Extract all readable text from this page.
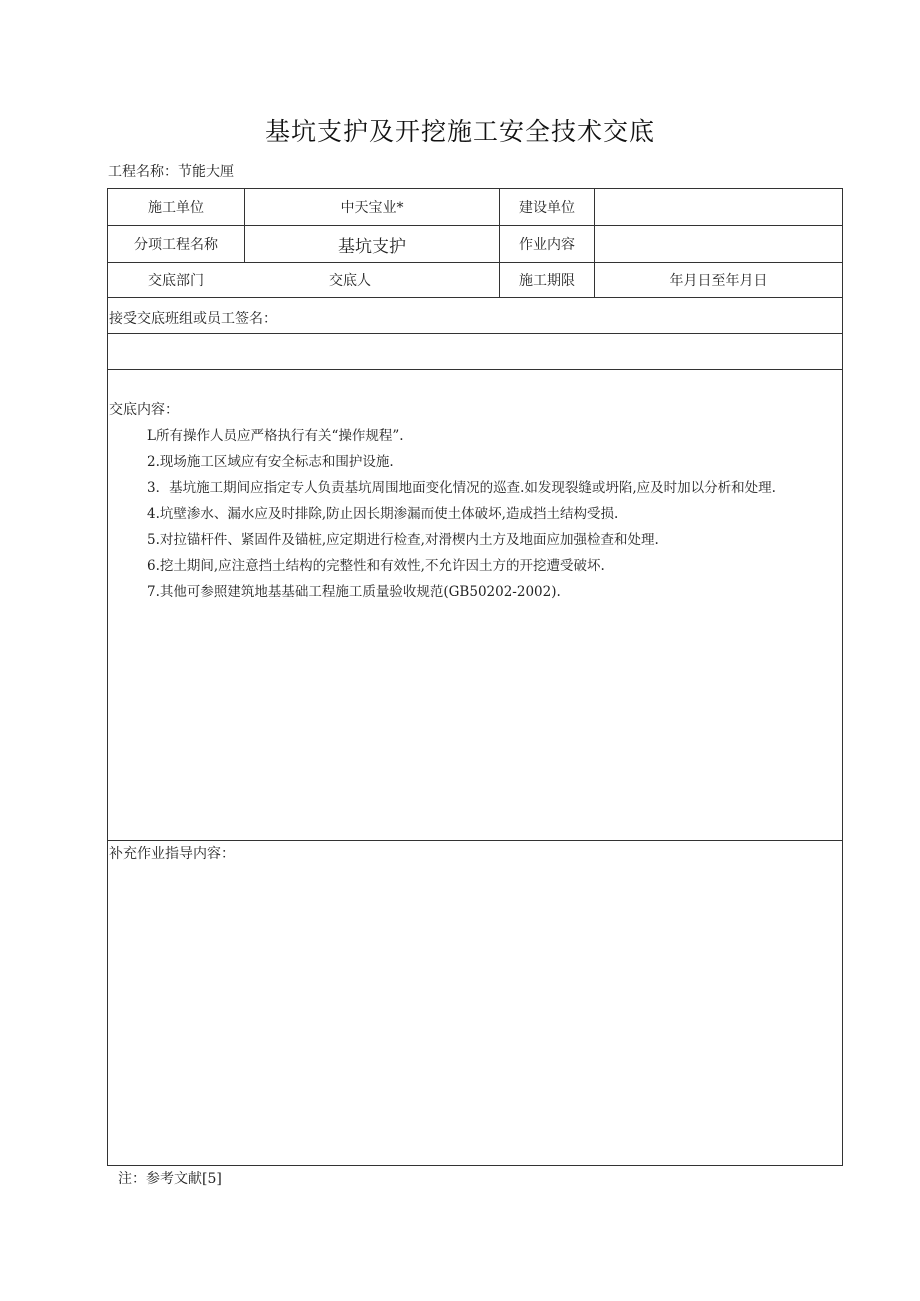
基坑支护及开挖施工安全技术交底
工程名称：节能大厘
施工单位	中天宝业*	建设单位
分项工程名称	基坑支护	作业内容
交底部门	交底人	施工期限	年月日至年月日
接受交底班组或员工签名：
交底内容：
L所有操作人员应严格执行有关“操作规程”.
2.现场施工区域应有安全标志和围护设施.
3．基坑施工期间应指定专人负责基坑周围地面变化情况的巡查.如发现裂缝或坍陷,应及时加以分析和处理.
4.坑壁渗水、漏水应及时排除,防止因长期渗漏而使土体破坏,造成挡土结构受损.
5.对拉锚杆件、紧固件及锚桩,应定期进行检查,对滑楔内土方及地面应加强检查和处理.
6.挖土期间,应注意挡土结构的完整性和有效性,不允许因土方的开挖遭受破坏.
7.其他可参照建筑地基基础工程施工质量验收规范(GB50202-2002).
补充作业指导内容：
注：参考文献[5]
